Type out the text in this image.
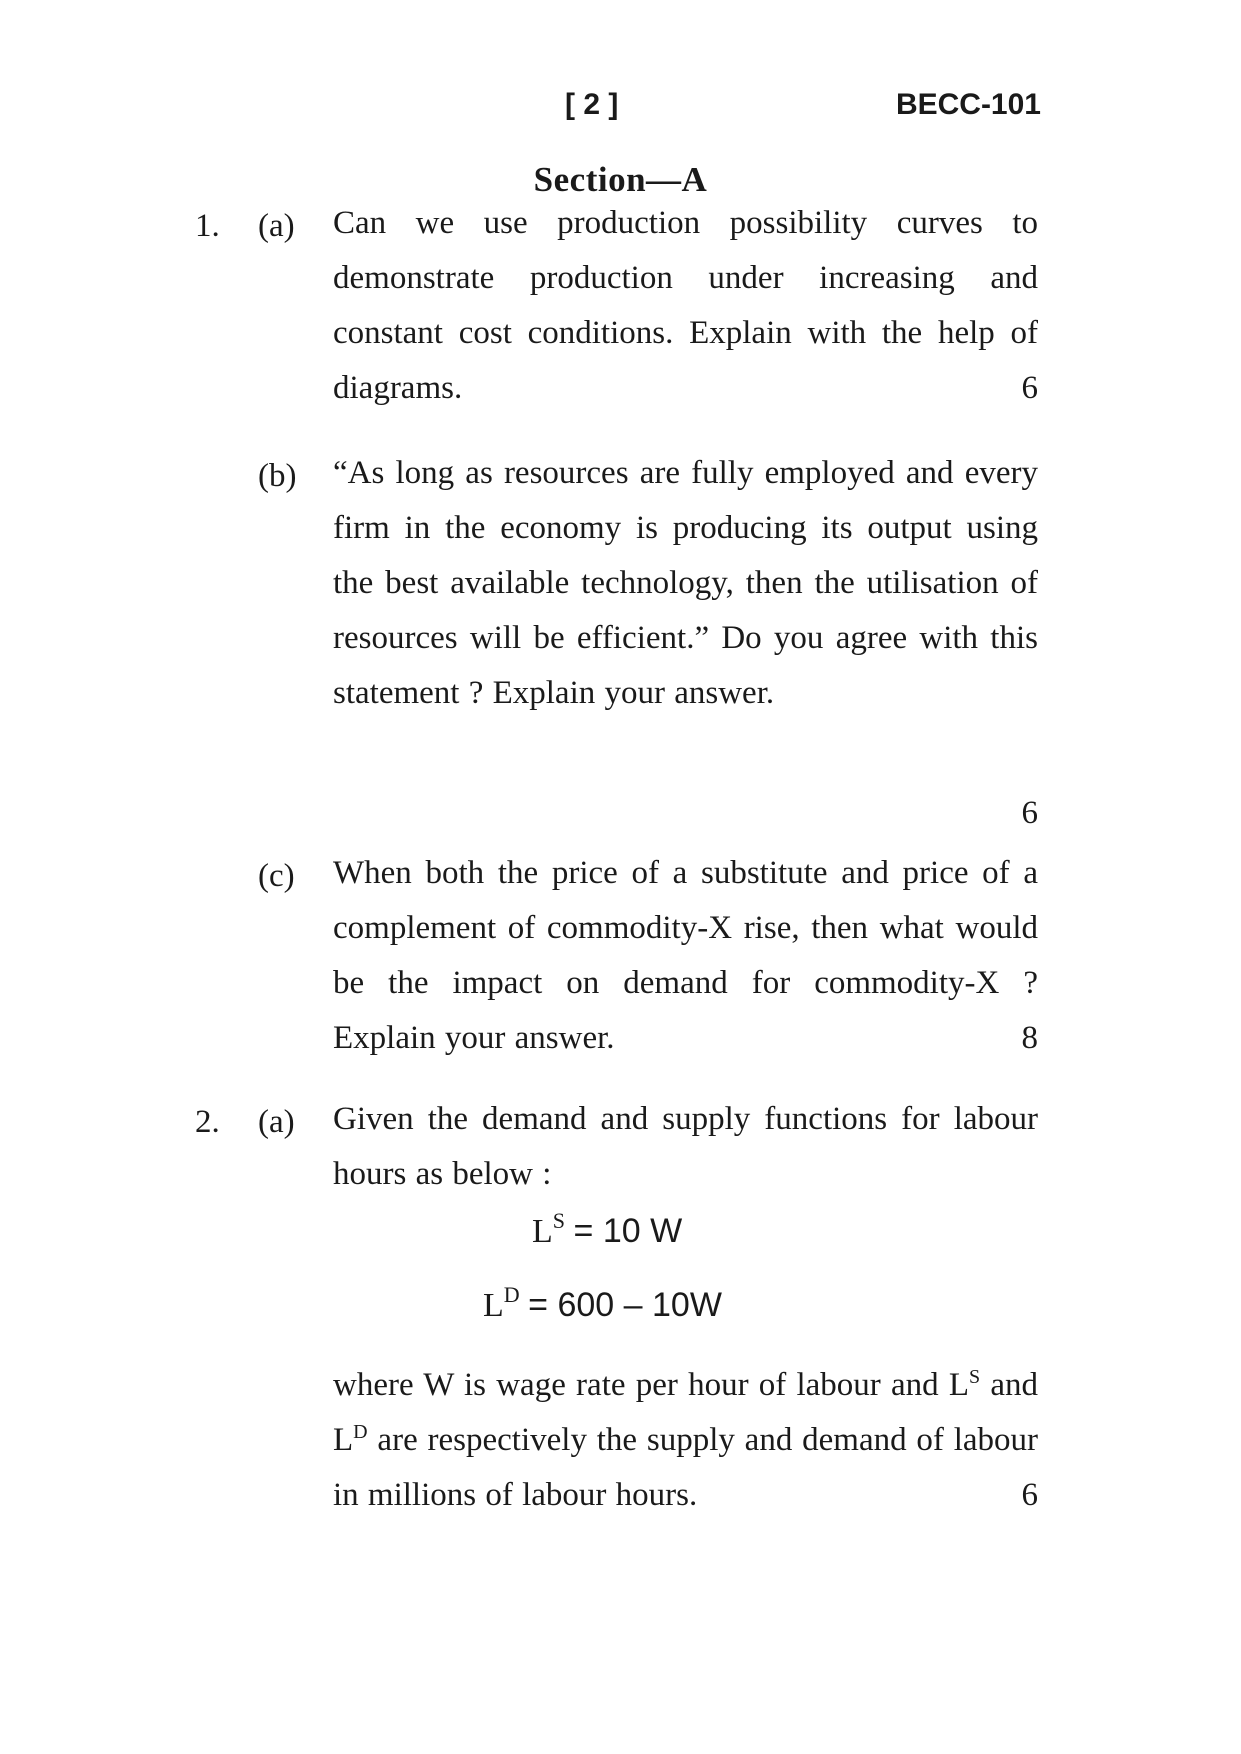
[ 2 ]	BECC-101
Section—A
1. (a) Can we use production possibility curves to demonstrate production under increasing and constant cost conditions. Explain with the help of diagrams.	6
(b) “As long as resources are fully employed and every firm in the economy is producing its output using the best available technology, then the utilisation of resources will be efficient.” Do you agree with this statement ? Explain your answer.
6
(c) When both the price of a substitute and price of a complement of commodity-X rise, then what would be the impact on demand for commodity-X ? Explain your answer.	8
2. (a) Given the demand and supply functions for labour hours as below :
$L^S = 10$ W
$L^D = 600 - 10W$
where W is wage rate per hour of labour and $L^S$ and $L^D$ are respectively the supply and demand of labour in millions of labour hours.	6
